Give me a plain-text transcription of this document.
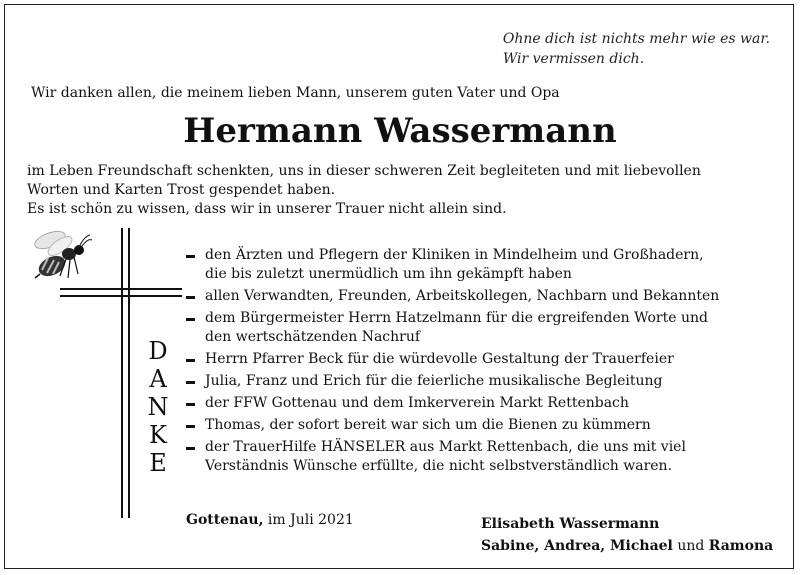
Ohne dich ist nichts mehr wie es war.
Wir vermissen dich.
Wir danken allen, die meinem lieben Mann, unserem guten Vater und Opa
Hermann Wassermann
im Leben Freundschaft schenkten, uns in dieser schweren Zeit begleiteten und mit liebevollen
Worten und Karten Trost gespendet haben.
Es ist schön zu wissen, dass wir in unserer Trauer nicht allein sind.
D
A
N
K
E
den Ärzten und Pflegern der Kliniken in Mindelheim und Großhadern,
die bis zuletzt unermüdlich um ihn gekämpft haben
allen Verwandten, Freunden, Arbeitskollegen, Nachbarn und Bekannten
dem Bürgermeister Herrn Hatzelmann für die ergreifenden Worte und
den wertschätzenden Nachruf
Herrn Pfarrer Beck für die würdevolle Gestaltung der Trauerfeier
Julia, Franz und Erich für die feierliche musikalische Begleitung
der FFW Gottenau und dem Imkerverein Markt Rettenbach
Thomas, der sofort bereit war sich um die Bienen zu kümmern
der TrauerHilfe HÄNSELER aus Markt Rettenbach, die uns mit viel
Verständnis Wünsche erfüllte, die nicht selbstverständlich waren.
Gottenau, im Juli 2021	Elisabeth Wassermann
Sabine, Andrea, Michael und Ramona
